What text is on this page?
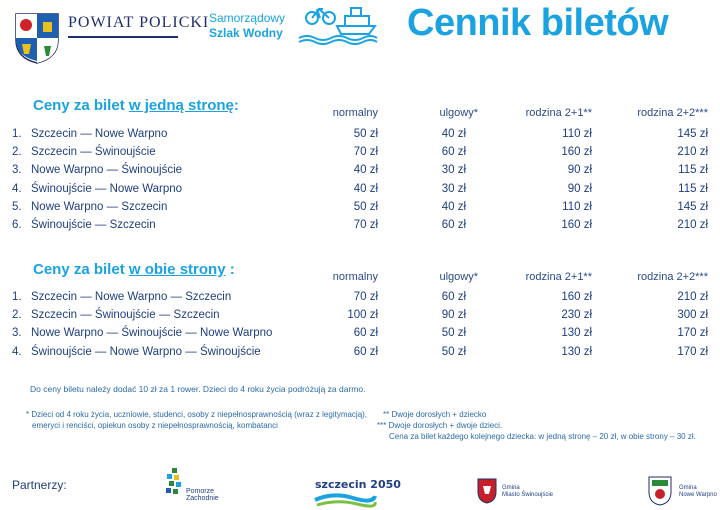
POWIAT POLICKI Samorządowy
Szlak Wodny	Cennik biletów
Ceny za bilet w jedną stronę:	normalny	ulgowy*	rodzina 2+1**	rodzina 2+2***
1. Szczecin — Nowe Warpno	50 zł	40 zł	110 zł	145 zł
2. Szczecin — Świnoujście	70 zł	60 zł	160 zł	210 zł
3. Nowe Warpno — Świnoujście	40 zł	30 zł	90 zł	115 zł
4. Świnoujście — Nowe Warpno	40 zł	30 zł	90 zł	115 zł
5. Nowe Warpno — Szczecin	50 zł	40 zł	110 zł	145 zł
6. Świnoujście — Szczecin	70 zł	60 zł	160 zł	210 zł
Ceny za bilet w obie strony :	normalny	ulgowy*	rodzina 2+1**	rodzina 2+2***
1. Szczecin — Nowe Warpno — Szczecin	70 zł	60 zł	160 zł	210 zł
2. Szczecin — Świnoujście — Szczecin	100 zł	90 zł	230 zł	300 zł
3. Nowe Warpno — Świnoujście — Nowe Warpno	60 zł	50 zł	130 zł	170 zł
4. Świnoujście — Nowe Warpno — Świnoujście	60 zł	50 zł	130 zł	170 zł
Do ceny biletu należy dodać 10 zł za 1 rower. Dzieci do 4 roku życia podróżują za darmo.
* Dzieci od 4 roku życia, uczniowie, studenci, osoby z niepełnosprawnością (wraz z legitymacją),
emeryci i renciści, opiekun osoby z niepełnosprawnością, kombatanci
** Dwoje dorosłych + dziecko
*** Dwoje dorosłych + dwoje dzieci.
Cena za bilet każdego kolejnego dziecka: w jedną stronę – 20 zł, w obie strony – 30 zł.
Partnerzy:	Pomorze
Zachodnie
szczecin 2050	Gmina
Miasto Świnoujście
Gmina
Nowe Warpno
